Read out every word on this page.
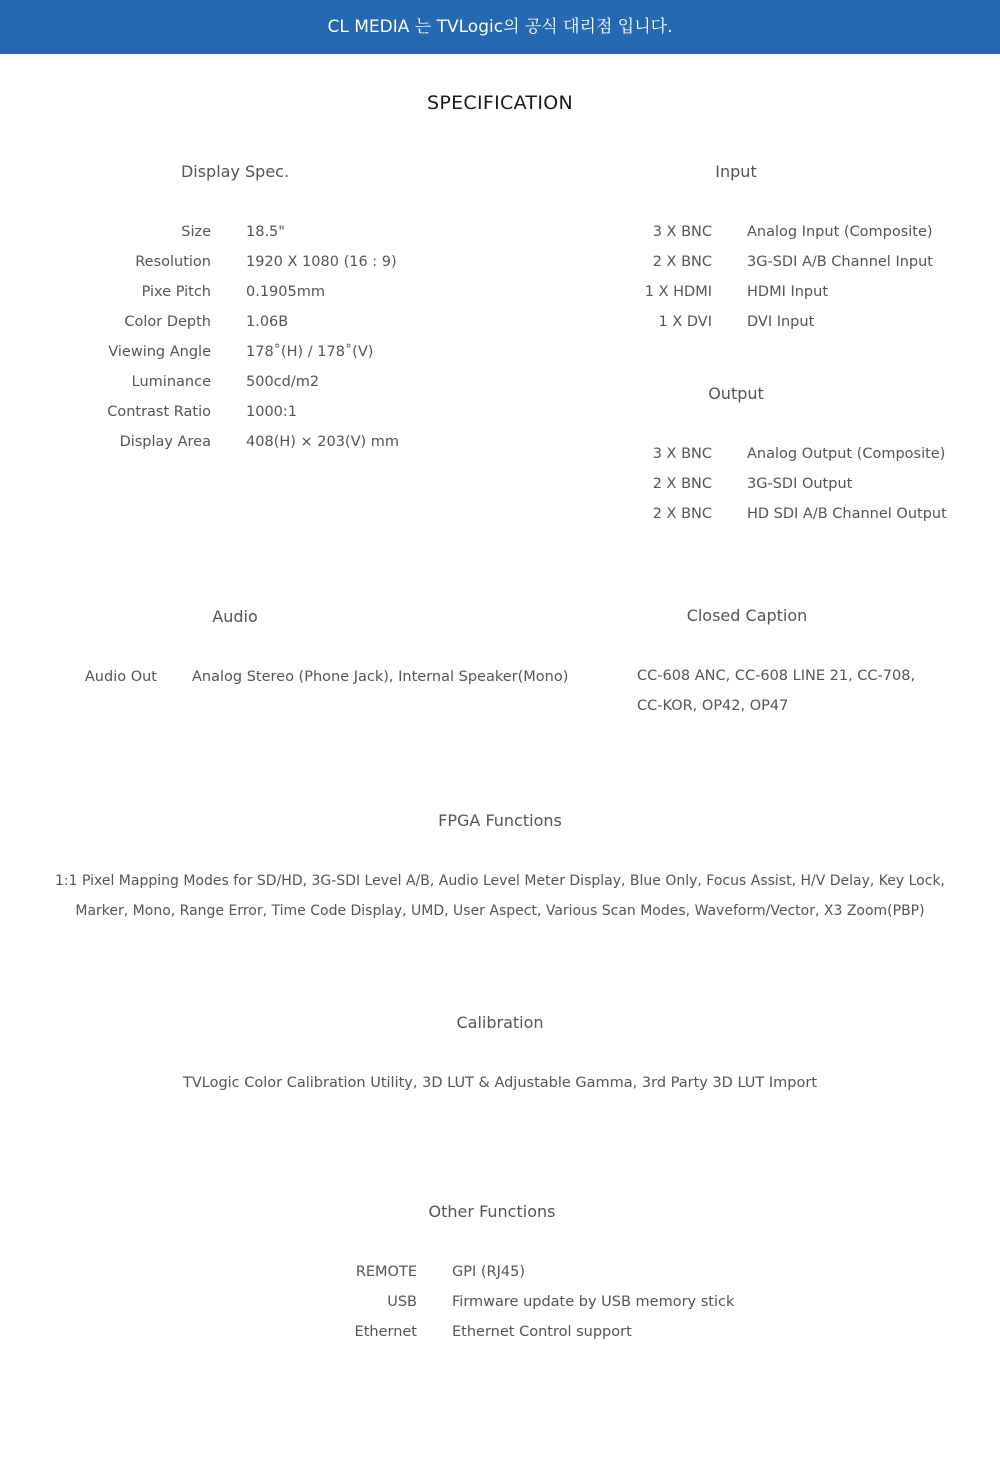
CL MEDIA 는 TVLogic의 공식 대리점 입니다.
SPECIFICATION
Display Spec.
Size 18.5"
Resolution 1920 X 1080 (16 : 9)
Pixe Pitch 0.1905mm
Color Depth 1.06B
Viewing Angle 178˚(H) / 178˚(V)
Luminance 500cd/m2
Contrast Ratio 1000:1
Display Area 408(H) × 203(V) mm
Input
3 X BNC Analog Input (Composite)
2 X BNC 3G-SDI A/B Channel Input
1 X HDMI HDMI Input
1 X DVI DVI Input
Output
3 X BNC Analog Output (Composite)
2 X BNC 3G-SDI Output
2 X BNC HD SDI A/B Channel Output
Audio
Audio Out Analog Stereo (Phone Jack), Internal Speaker(Mono)
Closed Caption
CC-608 ANC, CC-608 LINE 21, CC-708,
CC-KOR, OP42, OP47
FPGA Functions
1:1 Pixel Mapping Modes for SD/HD, 3G-SDI Level A/B, Audio Level Meter Display, Blue Only, Focus Assist, H/V Delay, Key Lock,
Marker, Mono, Range Error, Time Code Display, UMD, User Aspect, Various Scan Modes, Waveform/Vector, X3 Zoom(PBP)
Calibration
TVLogic Color Calibration Utility, 3D LUT & Adjustable Gamma, 3rd Party 3D LUT Import
Other Functions
REMOTE GPI (RJ45)
USB Firmware update by USB memory stick
Ethernet Ethernet Control support
